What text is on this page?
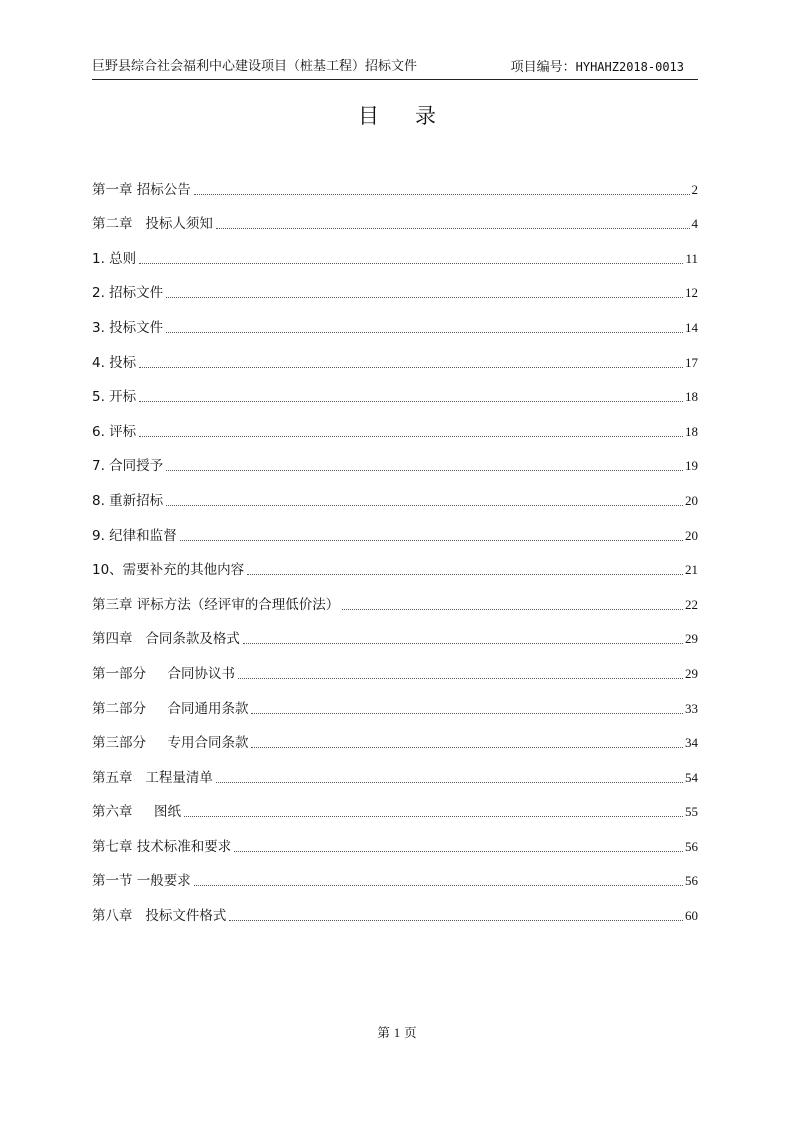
巨野县综合社会福利中心建设项目（桩基工程）招标文件	项目编号：HYHAHZ2018-0013
目录
第一章 招标公告	2
第二章   投标人须知	4
1. 总则	11
2. 招标文件	12
3. 投标文件	14
4. 投标	17
5. 开标	18
6. 评标	18
7. 合同授予	19
8. 重新招标	20
9. 纪律和监督	20
10、需要补充的其他内容	21
第三章 评标方法（经评审的合理低价法）	22
第四章   合同条款及格式	29
第一部分     合同协议书	29
第二部分     合同通用条款	33
第三部分     专用合同条款	34
第五章   工程量清单	54
第六章     图纸	55
第七章 技术标准和要求	56
第一节 一般要求	56
第八章   投标文件格式	60
第 1 页
